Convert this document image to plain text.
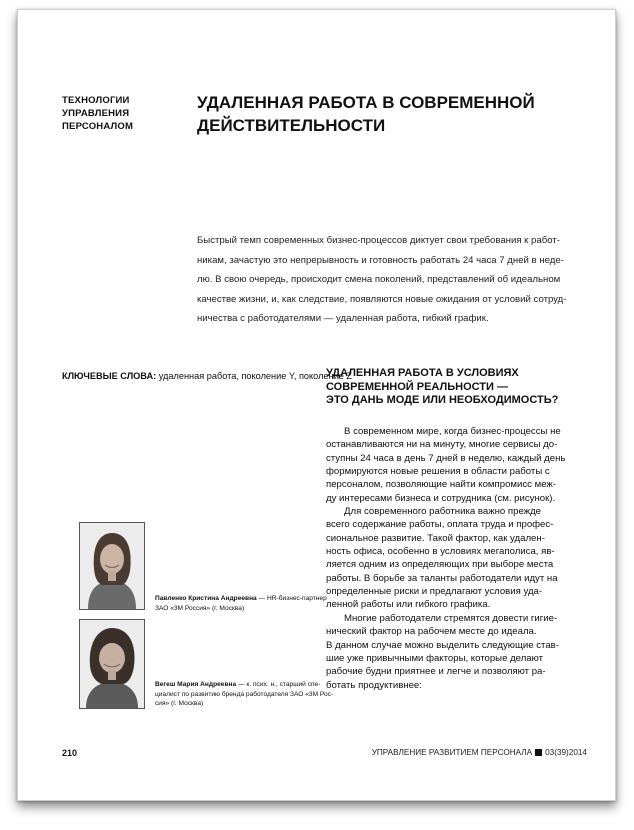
ТЕХНОЛОГИИ
УПРАВЛЕНИЯ
ПЕРСОНАЛОМ
УДАЛЕННАЯ РАБОТА В СОВРЕМЕННОЙ
ДЕЙСТВИТЕЛЬНОСТИ
Быстрый темп современных бизнес-процессов диктует свои требования к работ-
никам, зачастую это непрерывность и готовность работать 24 часа 7 дней в неде-
лю. В свою очередь, происходит смена поколений, представлений об идеальном
качестве жизни, и, как следствие, появляются новые ожидания от условий сотруд-
ничества с работодателями — удаленная работа, гибкий график.
КЛЮЧЕВЫЕ СЛОВА: удаленная работа, поколение Y, поколение Z
УДАЛЕННАЯ РАБОТА В УСЛОВИЯХ
СОВРЕМЕННОЙ РЕАЛЬНОСТИ —
ЭТО ДАНЬ МОДЕ ИЛИ НЕОБХОДИМОСТЬ?
В современном мире, когда бизнес-процессы не
останавливаются ни на минуту, многие сервисы до-
ступны 24 часа в день 7 дней в неделю, каждый день
формируются новые решения в области работы с
персоналом, позволяющие найти компромисс меж-
ду интересами бизнеса и сотрудника (см. рисунок).
Для современного работника важно прежде
всего содержание работы, оплата труда и профес-
сиональное развитие. Такой фактор, как удален-
ность офиса, особенно в условиях мегаполиса, яв-
ляется одним из определяющих при выборе места
работы. В борьбе за таланты работодатели идут на
определенные риски и предлагают условия уда-
ленной работы или гибкого графика.
Многие работодатели стремятся довести гигие-
нический фактор на рабочем месте до идеала.
В данном случае можно выделить следующие став-
шие уже привычными факторы, которые делают
рабочие будни приятнее и легче и позволяют ра-
ботать продуктивнее:
Павленко Кристина Андреевна — HR-бизнес-партнер
ЗАО «3М Россия» (г. Москва)
Вегеш Мария Андреевна — к. псих. н., старший спе-
циалист по развитию бренда работодателя ЗАО «3М Рос-
сия» (г. Москва)
210	УПРАВЛЕНИЕ РАЗВИТИЕМ ПЕРСОНАЛА 03(39)2014
